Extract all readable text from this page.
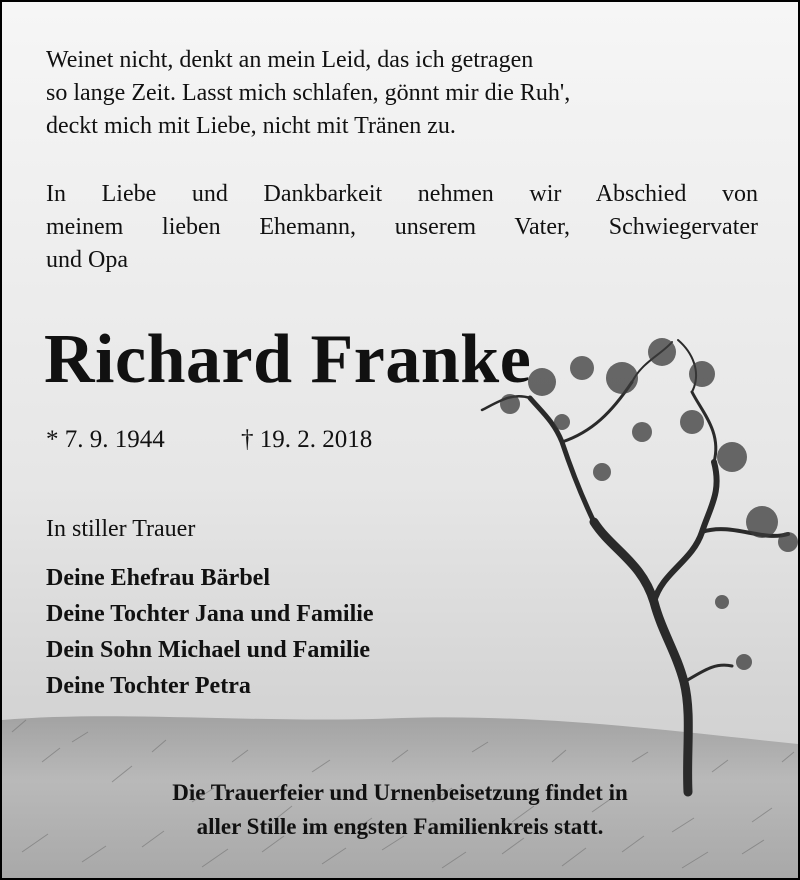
Weinet nicht, denkt an mein Leid, das ich getragen
so lange Zeit. Lasst mich schlafen, gönnt mir die Ruh',
deckt mich mit Liebe, nicht mit Tränen zu.
In Liebe und Dankbarkeit nehmen wir Abschied von
meinem lieben Ehemann, unserem Vater, Schwiegervater
und Opa
Richard Franke
* 7. 9. 1944	† 19. 2. 2018
In stiller Trauer
Deine Ehefrau Bärbel
Deine Tochter Jana und Familie
Dein Sohn Michael und Familie
Deine Tochter Petra
Die Trauerfeier und Urnenbeisetzung findet in
aller Stille im engsten Familienkreis statt.
